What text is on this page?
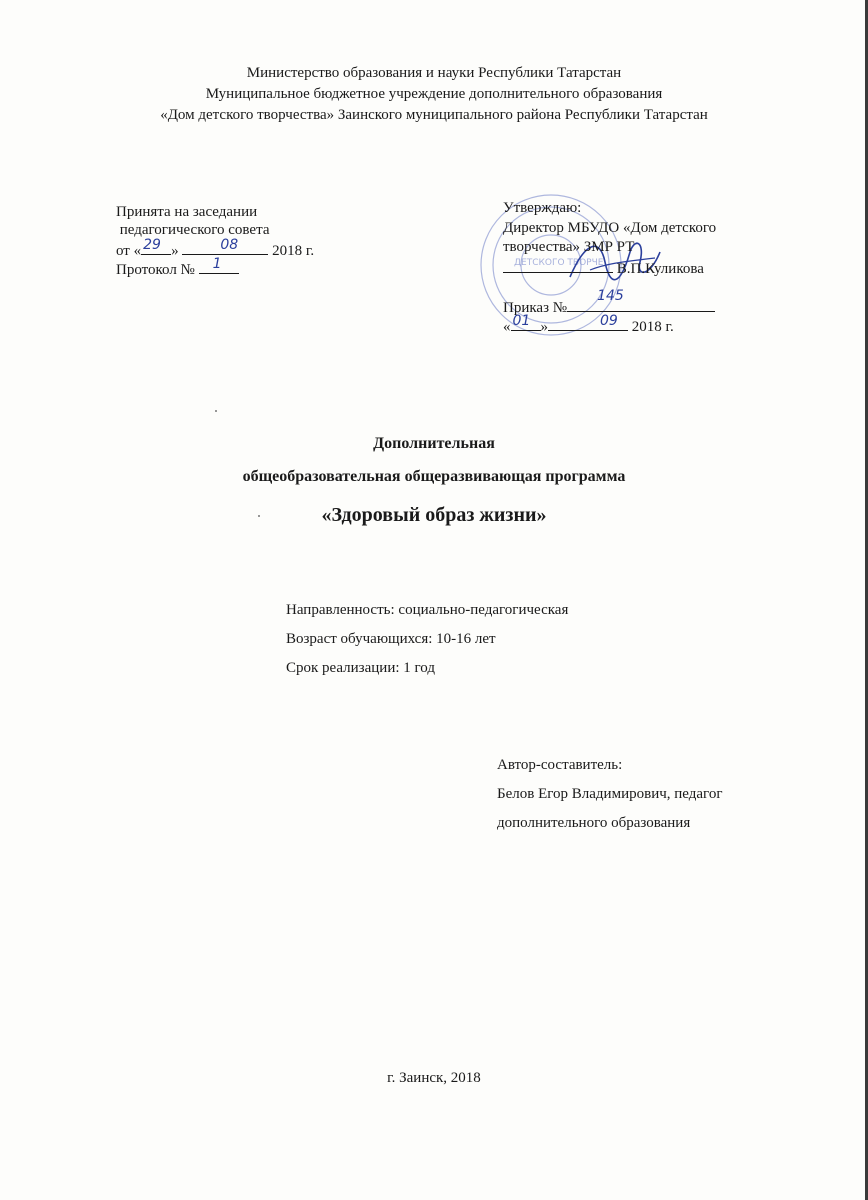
Министерство образования и науки Республики Татарстан
Муниципальное бюджетное учреждение дополнительного образования
«Дом детского творчества» Заинского муниципального района Республики Татарстан
Принята на заседании
педагогического совета
от « 29 »	08 2018 г.
Протокол № 1	ДЕТСКОГО ТВОРЧЕ
Утверждаю:
Директор МБУДО «Дом детского
творчества» ЗМР РТ
В.П.Куликова
Приказ №
145
« 01 »	09 2018 г.
Дополнительная
общеобразовательная общеразвивающая программа
«Здоровый образ жизни»
Направленность: социально-педагогическая
Возраст обучающихся: 10-16 лет
Срок реализации: 1 год
Автор-составитель:
Белов Егор Владимирович, педагог
дополнительного образования
г. Заинск, 2018
